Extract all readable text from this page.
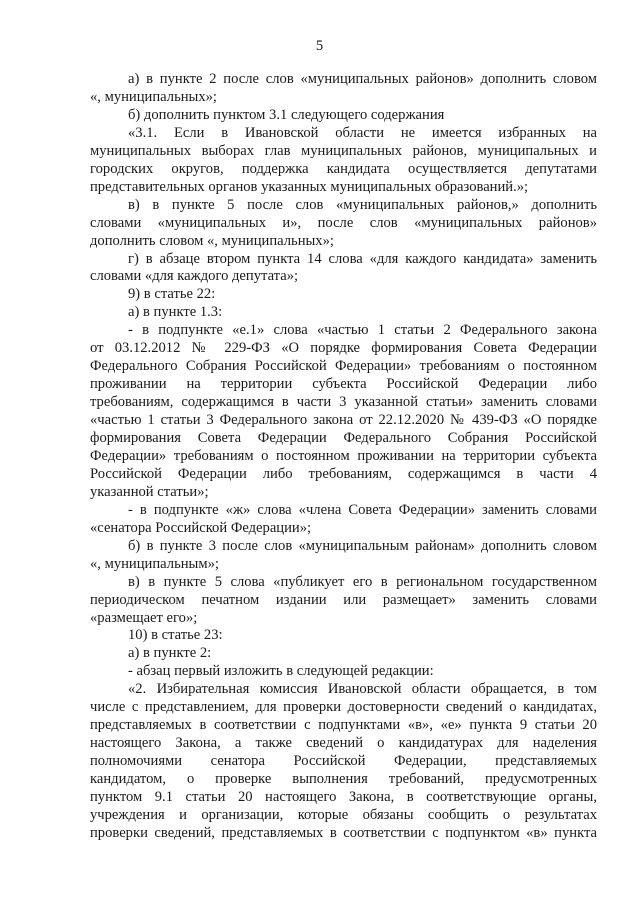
5
а) в пункте 2 после слов «муниципальных районов» дополнить словом
«, муниципальных»;
б) дополнить пунктом 3.1 следующего содержания
«3.1. Если в Ивановской области не имеется избранных на
муниципальных выборах глав муниципальных районов, муниципальных и
городских округов, поддержка кандидата осуществляется депутатами
представительных органов указанных муниципальных образований.»;
в) в пункте 5 после слов «муниципальных районов,» дополнить
словами «муниципальных и», после слов «муниципальных районов»
дополнить словом «, муниципальных»;
г) в абзаце втором пункта 14 слова «для каждого кандидата» заменить
словами «для каждого депутата»;
9) в статье 22:
а) в пункте 1.3:
- в подпункте «е.1» слова «частью 1 статьи 2 Федерального закона
от 03.12.2012 № 229-ФЗ «О порядке формирования Совета Федерации
Федерального Собрания Российской Федерации» требованиям о постоянном
проживании на территории субъекта Российской Федерации либо
требованиям, содержащимся в части 3 указанной статьи» заменить словами
«частью 1 статьи 3 Федерального закона от 22.12.2020 № 439-ФЗ «О порядке
формирования Совета Федерации Федерального Собрания Российской
Федерации» требованиям о постоянном проживании на территории субъекта
Российской Федерации либо требованиям, содержащимся в части 4
указанной статьи»;
- в подпункте «ж» слова «члена Совета Федерации» заменить словами
«сенатора Российской Федерации»;
б) в пункте 3 после слов «муниципальным районам» дополнить словом
«, муниципальным»;
в) в пункте 5 слова «публикует его в региональном государственном
периодическом печатном издании или размещает» заменить словами
«размещает его»;
10) в статье 23:
а) в пункте 2:
- абзац первый изложить в следующей редакции:
«2. Избирательная комиссия Ивановской области обращается, в том
числе с представлением, для проверки достоверности сведений о кандидатах,
представляемых в соответствии с подпунктами «в», «е» пункта 9 статьи 20
настоящего Закона, а также сведений о кандидатурах для наделения
полномочиями сенатора Российской Федерации, представляемых
кандидатом, о проверке выполнения требований, предусмотренных
пунктом 9.1 статьи 20 настоящего Закона, в соответствующие органы,
учреждения и организации, которые обязаны сообщить о результатах
проверки сведений, представляемых в соответствии с подпунктом «в» пункта
